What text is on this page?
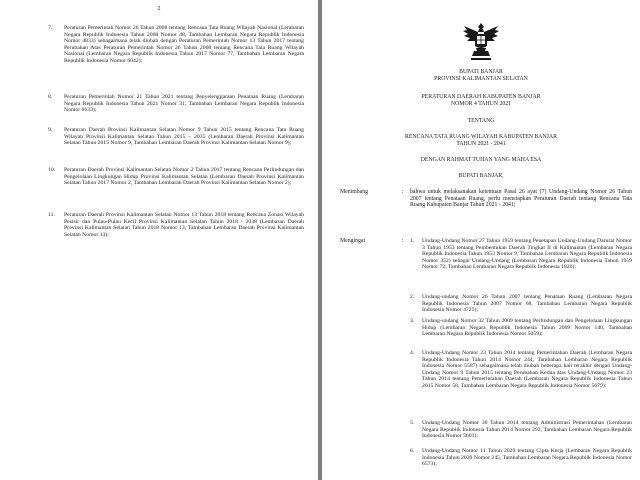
2
7. Peraturan Pemerintah Nomor 26 Tahun 2008 tentang Rencana Tata Ruang Wilayah Nasional (Lembaran Negara Republik Indonesia Tahun 2008 Nomor 48, Tambahan Lembaran Negara Republik Indonesia Nomor 4833) sebagaimana telah diubah dengan Peraturan Pemerintah Nomor 13 Tahun 2017 tentang Perubahan Atas Peraturan Pemerintah Nomor 26 Tahun 2008 tentang Rencana Tata Ruang Wilayah Nasional (Lembaran Negara Republik Indonesia Tahun 2017 Nomor 77, Tambahan Lembaran Negara Republik Indonesia Nomor 6042);
8. Peraturan Pemerintah Nomor 21 Tahun 2021 tentang Penyelenggaraan Penataan Ruang (Lembaran Negara Republik Indonesia Tahun 2021 Nomor 31, Tambahan Lembaran Negara Republik Indonesia Nomor 6633);
9. Peraturan Daerah Provinsi Kalimantan Selatan Nomor 9 Tahun 2015 tentang Rencana Tata Ruang Wilayah Provinsi Kalimantan Selatan Tahun 2015 – 2035 (Lembaran Daerah Provinsi Kalimantan Selatan Tahun 2015 Nomor 9, Tambahan Lembaran Daerah Provinsi Kalimantan Selatan Nomor 9);
10. Peraturan Daerah Provinsi Kalimantan Selatan Nomor 2 Tahun 2017 tentang Rencana Perlindungan dan Pengelolaan Lingkungan Hidup Provinsi Kalimantan Selatan (Lembaran Daerah Provinsi Kalimantan Selatan Tahun 2017 Nomor 2, Tambahan Lembaran Daerah Provinsi Kalimantan Selatan Nomor 2);
11. Peraturan Daerah Provinsi Kalimantan Selatan Nomor 13 Tahun 2018 tentang Rencana Zonasi Wilayah Pesisir dan Pulau-Pulau Kecil Provinsi Kalimantan Selatan Tahun 2018 - 2038 (Lembaran Daerah Provinsi Kalimantan Selatan Tahun 2018 Nomor 13, Tambahan Lembaran Daerah Provinsi Kalimantan Selatan Nomor 13);
BUPATI BANJAR
PROVINSI KALIMANTAN SELATAN
PERATURAN DAERAH KABUPATEN BANJAR
NOMOR 4 TAHUN 2021
TENTANG
RENCANA TATA RUANG WILAYAH KABUPATEN BANJAR
TAHUN 2021 - 2041
DENGAN RAHMAT TUHAN YANG MAHA ESA
BUPATI BANJAR,
Menimbang	: bahwa untuk melaksanakan ketentuan Pasal 26 ayat (7) Undang-Undang Nomor 26 Tahun 2007 tentang Penataan Ruang, perlu menetapkan Peraturan Daerah tentang Rencana Tata Ruang Kabupaten Banjar Tahun 2021 - 2041;
Mengingat	: 1. Undang-Undang Nomor 27 Tahun 1959 tentang Penetapan Undang-Undang Darurat Nomor 3 Tahun 1953 tentang Pembentukan Daerah Tingkat II di Kalimantan (Lembaran Negara Republik Indonesia Tahun 1953 Nomor 9, Tambahan Lembaran Negara Republik Indonesia Nomor 352) sebagai Undang-Undang (Lembaran Negara Republik Indonesia Tahun 1959 Nomor 72, Tambahan Lembaran Negara Republik Indonesia 1820);
2. Undang-undang Nomor 26 Tahun 2007 tentang Penataan Ruang (Lembaran Negara Republik Indonesia Tahun 2007 Nomor 68, Tambahan Lembaran Negara Republik Indonesia Nomor 4725);
3. Undang-undang Nomor 32 Tahun 2009 tentang Perlindungan dan Pengelolaan Lingkungan Hidup (Lembaran Negara Republik Indonesia Tahun 2009 Nomor 140, Tambahan Lembaran Negara Republik Indonesia Nomor 5059);
4. Undang-Undang Nomor 23 Tahun 2014 tentang Pemerintahan Daerah (Lembaran Negara Republik Indonesia Tahun 2014 Nomor 244, Tambahan Lembaran Negara Republik Indonesia Nomor 5587) sebagaimana telah diubah beberapa kali terakhir dengan Undang-Undang Nomor 9 Tahun 2015 tentang Perubahan Kedua atas Undang-Undang Nomor 23 Tahun 2014 tentang Pemerintahan Daerah (Lembaran Negara Republik Indonesia Tahun 2015 Nomor 58, Tambahan Lembaran Negara Republik Indonesia Nomor 5679);
5. Undang-Undang Nomor 30 Tahun 2014 tentang Administrasi Pemerintahan (Lembaran Negara Republik Indonesia Tahun 2014 Nomor 292, Tambahan Lembaran Negara Republik Indonesia Nomor 5601);
6. Undang-Undang Nomor 11 Tahun 2020 tentang Cipta Kerja (Lembaran Negara Republik Indonesia Tahun 2020 Nomor 245, Tambahan Lembaran Negara Republik Indonesia Nomor 6573);
